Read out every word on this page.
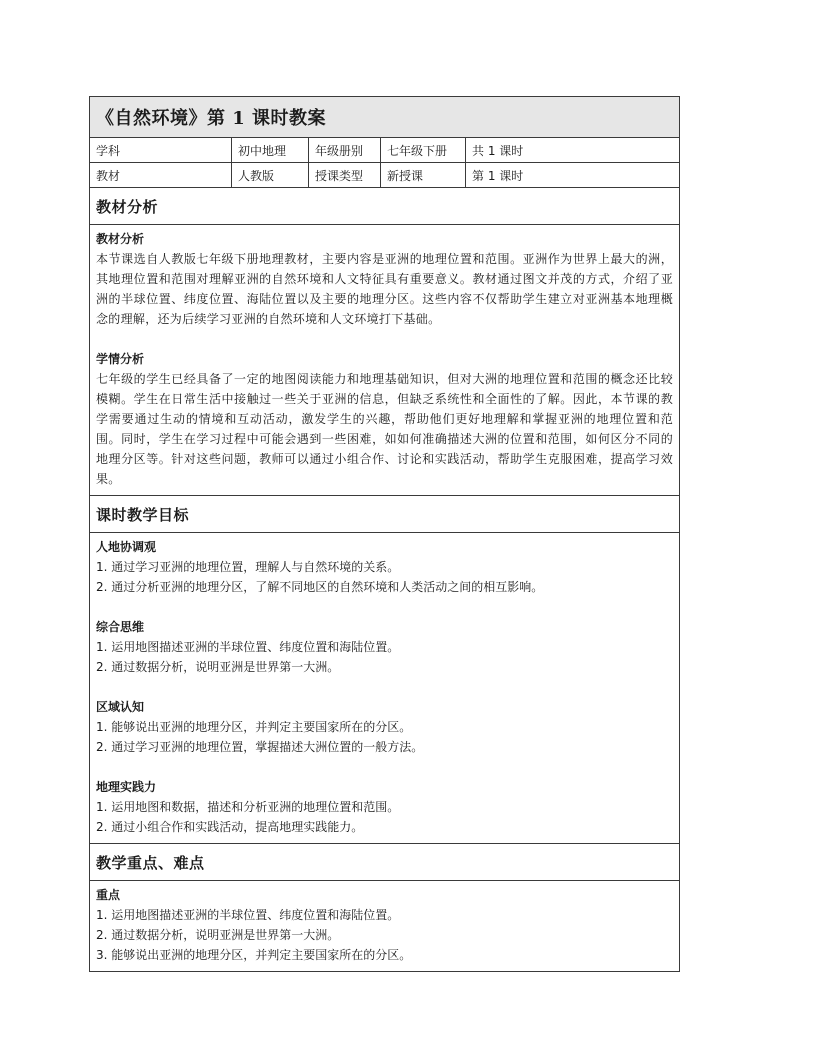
《自然环境》第 1 课时教案
学科	初中地理	年级册别	七年级下册	共 1 课时
教材	人教版	授课类型	新授课	第 1 课时
教材分析
教材分析
本节课选自人教版七年级下册地理教材，主要内容是亚洲的地理位置和范围。亚洲作为世界上最大的洲，其地理位置和范围对理解亚洲的自然环境和人文特征具有重要意义。教材通过图文并茂的方式，介绍了亚洲的半球位置、纬度位置、海陆位置以及主要的地理分区。这些内容不仅帮助学生建立对亚洲基本地理概念的理解，还为后续学习亚洲的自然环境和人文环境打下基础。
学情分析
七年级的学生已经具备了一定的地图阅读能力和地理基础知识，但对大洲的地理位置和范围的概念还比较模糊。学生在日常生活中接触过一些关于亚洲的信息，但缺乏系统性和全面性的了解。因此，本节课的教学需要通过生动的情境和互动活动，激发学生的兴趣，帮助他们更好地理解和掌握亚洲的地理位置和范围。同时，学生在学习过程中可能会遇到一些困难，如如何准确描述大洲的位置和范围，如何区分不同的地理分区等。针对这些问题，教师可以通过小组合作、讨论和实践活动，帮助学生克服困难，提高学习效果。
课时教学目标
人地协调观
1. 通过学习亚洲的地理位置，理解人与自然环境的关系。
2. 通过分析亚洲的地理分区，了解不同地区的自然环境和人类活动之间的相互影响。
综合思维
1. 运用地图描述亚洲的半球位置、纬度位置和海陆位置。
2. 通过数据分析，说明亚洲是世界第一大洲。
区域认知
1. 能够说出亚洲的地理分区，并判定主要国家所在的分区。
2. 通过学习亚洲的地理位置，掌握描述大洲位置的一般方法。
地理实践力
1. 运用地图和数据，描述和分析亚洲的地理位置和范围。
2. 通过小组合作和实践活动，提高地理实践能力。
教学重点、难点
重点
1. 运用地图描述亚洲的半球位置、纬度位置和海陆位置。
2. 通过数据分析，说明亚洲是世界第一大洲。
3. 能够说出亚洲的地理分区，并判定主要国家所在的分区。
